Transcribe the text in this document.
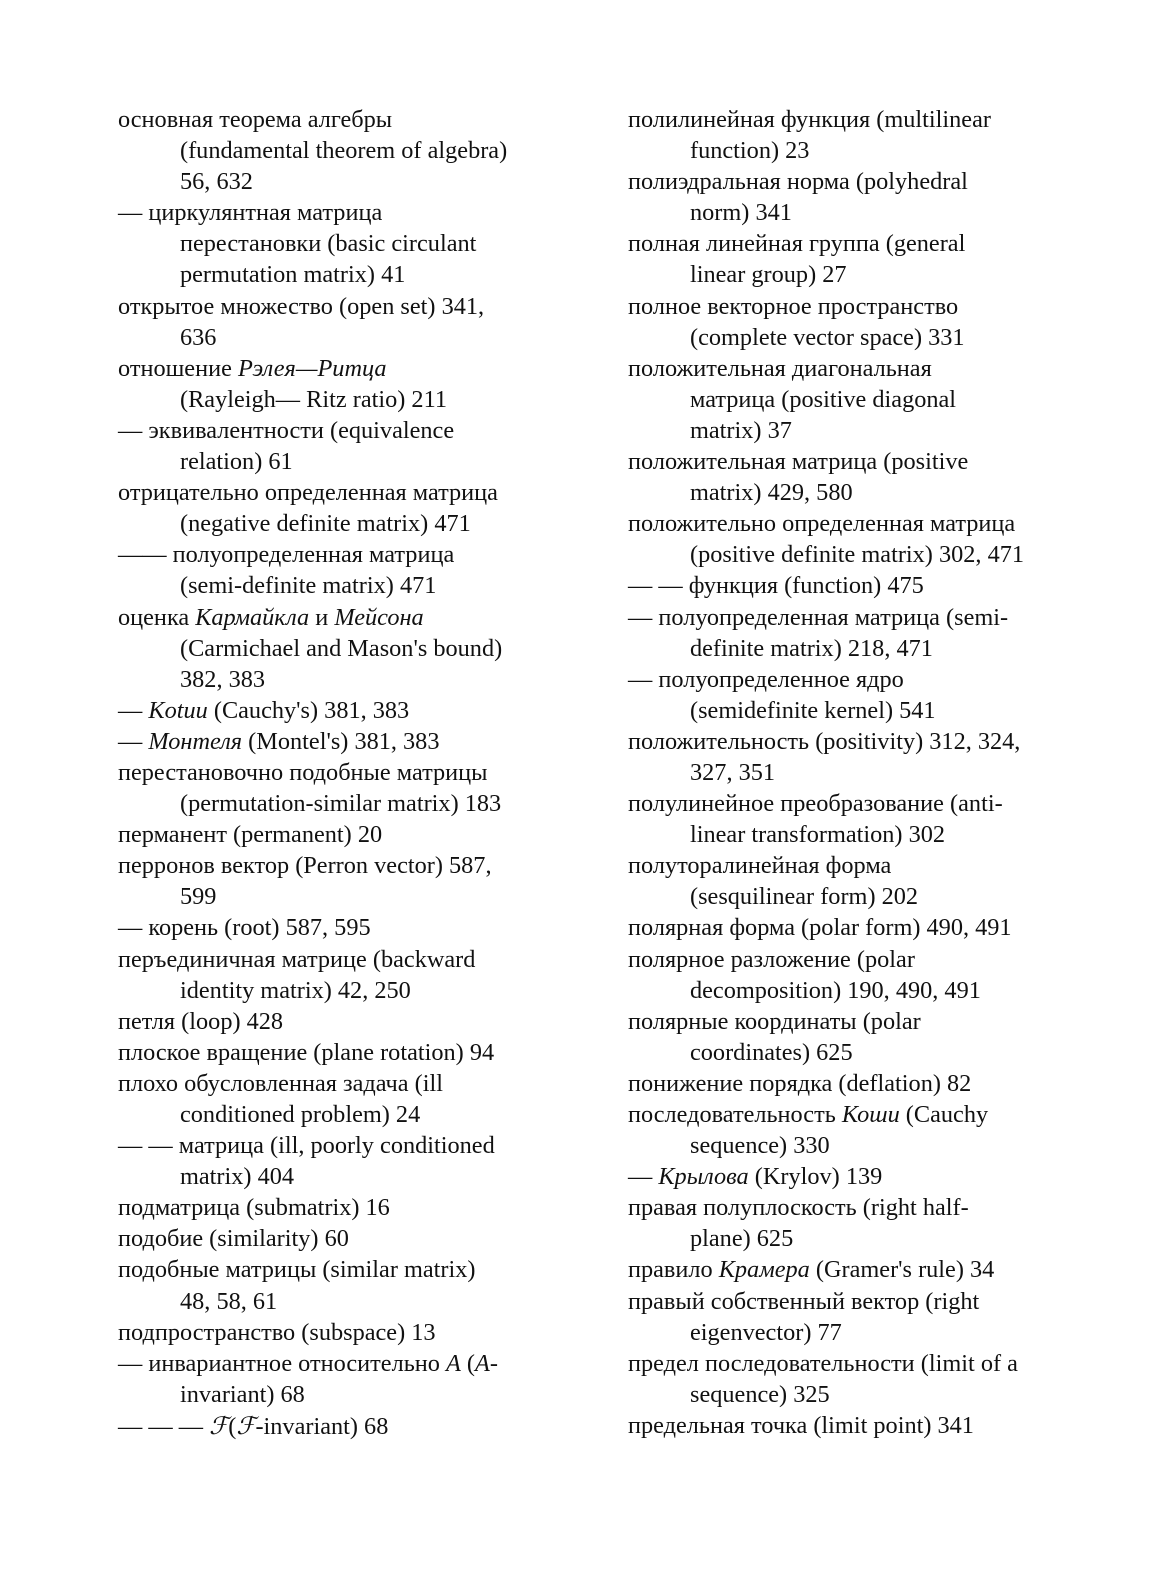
основная теорема алгебры
(fundamental theorem of algebra)
56, 632
— циркулянтная матрица
перестановки (basic circulant
permutation matrix) 41
открытое множество (open set) 341,
636
отношение Рэлея—Ритца
(Rayleigh— Ritz ratio) 211
— эквивалентности (equivalence
relation) 61
отрицательно определенная матрица
(negative definite matrix) 471
—— полуопределенная матрица
(semi-definite matrix) 471
оценка Кармайкла и Мейсона
(Carmichael and Mason's bound)
382, 383
— Kotuu (Cauchy's) 381, 383
— Монтеля (Montel's) 381, 383
перестановочно подобные матрицы
(permutation-similar matrix) 183
перманент (permanent) 20
перронов вектор (Perron vector) 587,
599
— корень (root) 587, 595
перъединичная матрице (backward
identity matrix) 42, 250
петля (loop) 428
плоское вращение (plane rotation) 94
плохо обусловленная задача (ill
conditioned problem) 24
— — матрица (ill, poorly conditioned
matrix) 404
подматрица (submatrix) 16
подобие (similarity) 60
подобные матрицы (similar matrix)
48, 58, 61
подпространство (subspace) 13
— инвариантное относительно A (A-
invariant) 68
— — — ℱ(ℱ-invariant) 68
полилинейная функция (multilinear
function) 23
полиэдральная норма (polyhedral
norm) 341
полная линейная группа (general
linear group) 27
полное векторное пространство
(complete vector space) 331
положительная диагональная
матрица (positive diagonal
matrix) 37
положительная матрица (positive
matrix) 429, 580
положительно определенная матрица
(positive definite matrix) 302, 471
— — функция (function) 475
— полуопределенная матрица (semi-
definite matrix) 218, 471
— полуопределенное ядро
(semidefinite kernel) 541
положительность (positivity) 312, 324,
327, 351
полулинейное преобразование (anti-
linear transformation) 302
полуторалинейная форма
(sesquilinear form) 202
полярная форма (polar form) 490, 491
полярное разложение (polar
decomposition) 190, 490, 491
полярные координаты (polar
coordinates) 625
понижение порядка (deflation) 82
последовательность Коши (Cauchy
sequence) 330
— Крылова (Krylov) 139
правая полуплоскость (right half-
plane) 625
правило Крамера (Gramer's rule) 34
правый собственный вектор (right
eigenvector) 77
предел последовательности (limit of a
sequence) 325
предельная точка (limit point) 341
